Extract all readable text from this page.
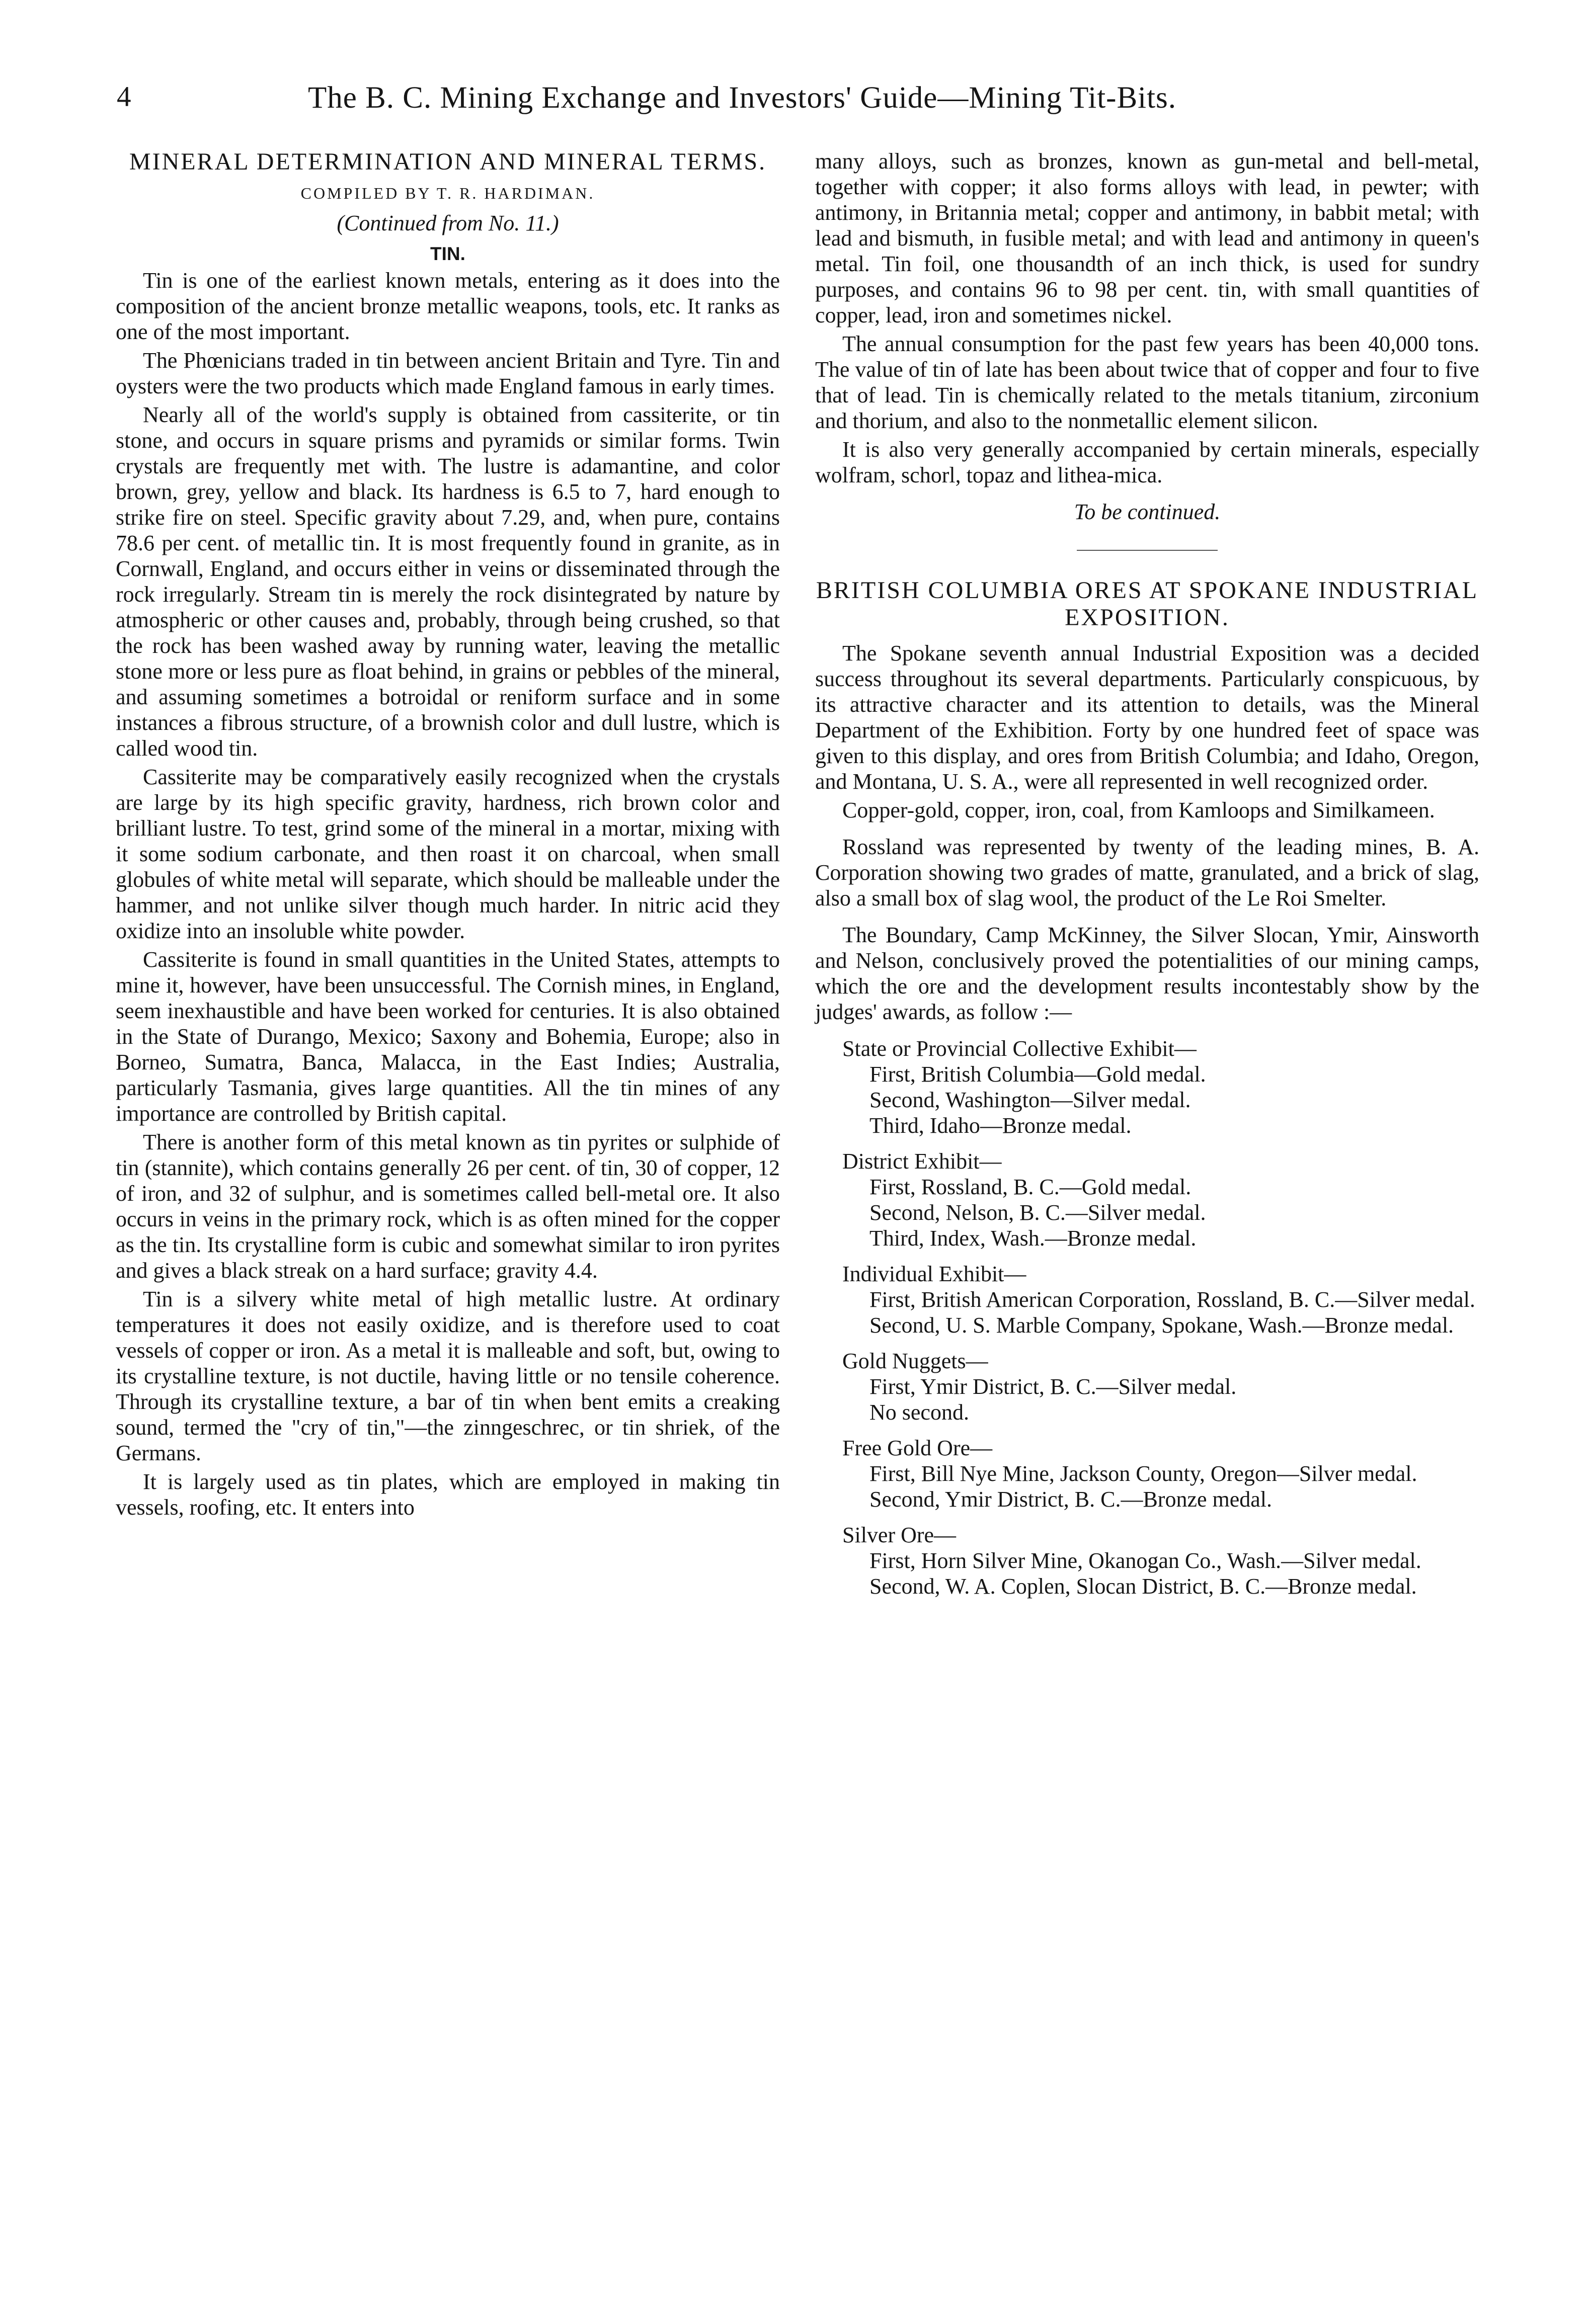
4	The B. C. Mining Exchange and Investors' Guide—Mining Tit-Bits.
MINERAL DETERMINATION AND MINERAL TERMS.
COMPILED BY T. R. HARDIMAN.
(Continued from No. 11.)
TIN.

Tin is one of the earliest known metals, entering as it does into the composition of the ancient bronze metallic weapons, tools, etc. It ranks as one of the most important.

The Phœnicians traded in tin between ancient Britain and Tyre. Tin and oysters were the two products which made England famous in early times.

Nearly all of the world's supply is obtained from cassiterite, or tin stone, and occurs in square prisms and pyramids or similar forms. Twin crystals are frequently met with. The lustre is adamantine, and color brown, grey, yellow and black. Its hardness is 6.5 to 7, hard enough to strike fire on steel. Specific gravity about 7.29, and, when pure, contains 78.6 per cent. of metallic tin. It is most frequently found in granite, as in Cornwall, England, and occurs either in veins or disseminated through the rock irregularly. Stream tin is merely the rock disintegrated by nature by atmospheric or other causes and, probably, through being crushed, so that the rock has been washed away by running water, leaving the metallic stone more or less pure as float behind, in grains or pebbles of the mineral, and assuming sometimes a botroidal or reniform surface and in some instances a fibrous structure, of a brownish color and dull lustre, which is called wood tin.

Cassiterite may be comparatively easily recognized when the crystals are large by its high specific gravity, hardness, rich brown color and brilliant lustre. To test, grind some of the mineral in a mortar, mixing with it some sodium carbonate, and then roast it on charcoal, when small globules of white metal will separate, which should be malleable under the hammer, and not unlike silver though much harder. In nitric acid they oxidize into an insoluble white powder.

Cassiterite is found in small quantities in the United States, attempts to mine it, however, have been unsuccessful. The Cornish mines, in England, seem inexhaustible and have been worked for centuries. It is also obtained in the State of Durango, Mexico; Saxony and Bohemia, Europe; also in Borneo, Sumatra, Banca, Malacca, in the East Indies; Australia, particularly Tasmania, gives large quantities. All the tin mines of any importance are controlled by British capital.

There is another form of this metal known as tin pyrites or sulphide of tin (stannite), which contains generally 26 per cent. of tin, 30 of copper, 12 of iron, and 32 of sulphur, and is sometimes called bell-metal ore. It also occurs in veins in the primary rock, which is as often mined for the copper as the tin. Its crystalline form is cubic and somewhat similar to iron pyrites and gives a black streak on a hard surface; gravity 4.4.

Tin is a silvery white metal of high metallic lustre. At ordinary temperatures it does not easily oxidize, and is therefore used to coat vessels of copper or iron. As a metal it is malleable and soft, but, owing to its crystalline texture, is not ductile, having little or no tensile coherence. Through its crystalline texture, a bar of tin when bent emits a creaking sound, termed the "cry of tin,"—the zinngeschrec, or tin shriek, of the Germans.

It is largely used as tin plates, which are employed in making tin vessels, roofing, etc. It enters into

many alloys, such as bronzes, known as gun-metal and bell-metal, together with copper; it also forms alloys with lead, in pewter; with antimony, in Britannia metal; copper and antimony, in babbit metal; with lead and bismuth, in fusible metal; and with lead and antimony in queen's metal. Tin foil, one thousandth of an inch thick, is used for sundry purposes, and contains 96 to 98 per cent. tin, with small quantities of copper, lead, iron and sometimes nickel.

The annual consumption for the past few years has been 40,000 tons. The value of tin of late has been about twice that of copper and four to five that of lead. Tin is chemically related to the metals titanium, zirconium and thorium, and also to the nonmetallic element silicon.

It is also very generally accompanied by certain minerals, especially wolfram, schorl, topaz and lithea-mica.

To be continued.
BRITISH COLUMBIA ORES AT SPOKANE INDUSTRIAL EXPOSITION.

The Spokane seventh annual Industrial Exposition was a decided success throughout its several departments. Particularly conspicuous, by its attractive character and its attention to details, was the Mineral Department of the Exhibition. Forty by one hundred feet of space was given to this display, and ores from British Columbia; and Idaho, Oregon, and Montana, U. S. A., were all represented in well recognized order.

Copper-gold, copper, iron, coal, from Kamloops and Similkameen.

Rossland was represented by twenty of the leading mines, B. A. Corporation showing two grades of matte, granulated, and a brick of slag, also a small box of slag wool, the product of the Le Roi Smelter.

The Boundary, Camp McKinney, the Silver Slocan, Ymir, Ainsworth and Nelson, conclusively proved the potentialities of our mining camps, which the ore and the development results incontestably show by the judges' awards, as follow :—

State or Provincial Collective Exhibit—
First, British Columbia—Gold medal.
Second, Washington—Silver medal.
Third, Idaho—Bronze medal.
District Exhibit—
First, Rossland, B. C.—Gold medal.
Second, Nelson, B. C.—Silver medal.
Third, Index, Wash.—Bronze medal.
Individual Exhibit—
First, British American Corporation, Rossland, B. C.—Silver medal.
Second, U. S. Marble Company, Spokane, Wash.—Bronze medal.
Gold Nuggets—
First, Ymir District, B. C.—Silver medal.
No second.
Free Gold Ore—
First, Bill Nye Mine, Jackson County, Oregon—Silver medal.
Second, Ymir District, B. C.—Bronze medal.
Silver Ore—
First, Horn Silver Mine, Okanogan Co., Wash.—Silver medal.
Second, W. A. Coplen, Slocan District, B. C.—Bronze medal.
